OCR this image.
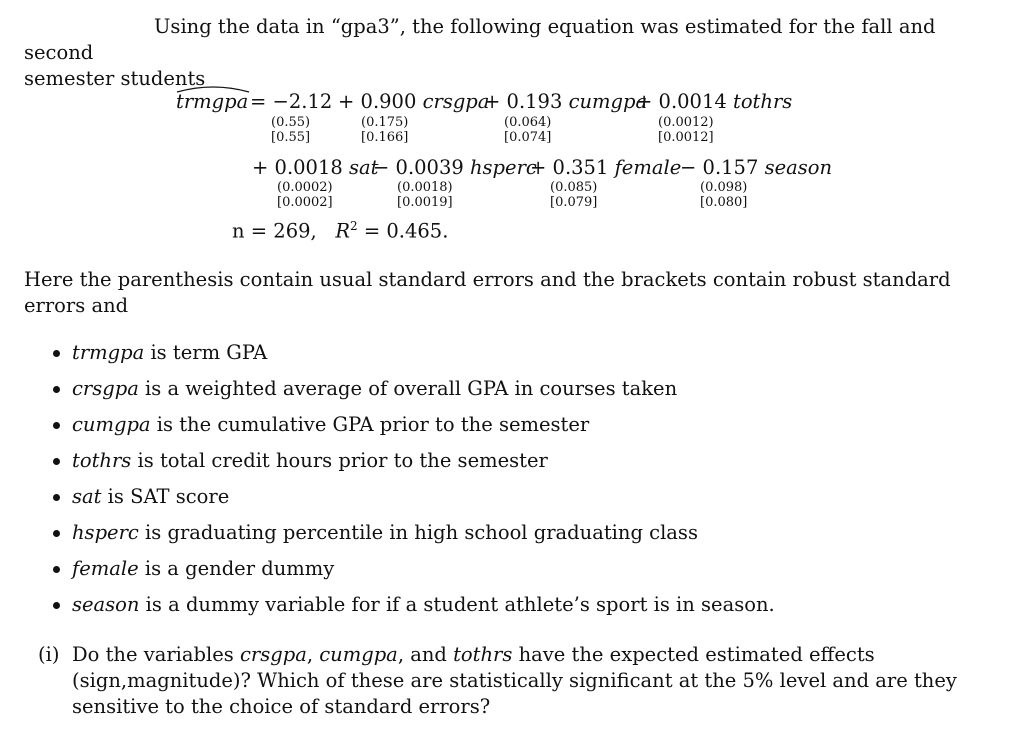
Using the data in “gpa3”, the following equation was estimated for the fall and second
semester students
trmgpa = −2.12
(0.55)
[0.55]
+ 0.900 crsgpa
(0.175)
[0.166]
+ 0.193 cumgpa
(0.064)
[0.074]
+ 0.0014 tothrs
(0.0012)
[0.0012]
+ 0.0018 sat
(0.0002)
[0.0002]
− 0.0039 hsperc
(0.0018)
[0.0019]
+ 0.351 female
(0.085)
[0.079]
− 0.157 season
(0.098)
[0.080]
n = 269, $R^2 = 0.465$.
Here the parenthesis contain usual standard errors and the brackets contain robust standard errors and
trmgpa is term GPA
crsgpa is a weighted average of overall GPA in courses taken
cumgpa is the cumulative GPA prior to the semester
tothrs is total credit hours prior to the semester
sat is SAT score
hsperc is graduating percentile in high school graduating class
female is a gender dummy
season is a dummy variable for if a student athlete’s sport is in season.
(i) Do the variables crsgpa, cumgpa, and tothrs have the expected estimated effects (sign,magnitude)? Which of these are statistically significant at the 5% level and are they sensitive to the choice of standard errors?
